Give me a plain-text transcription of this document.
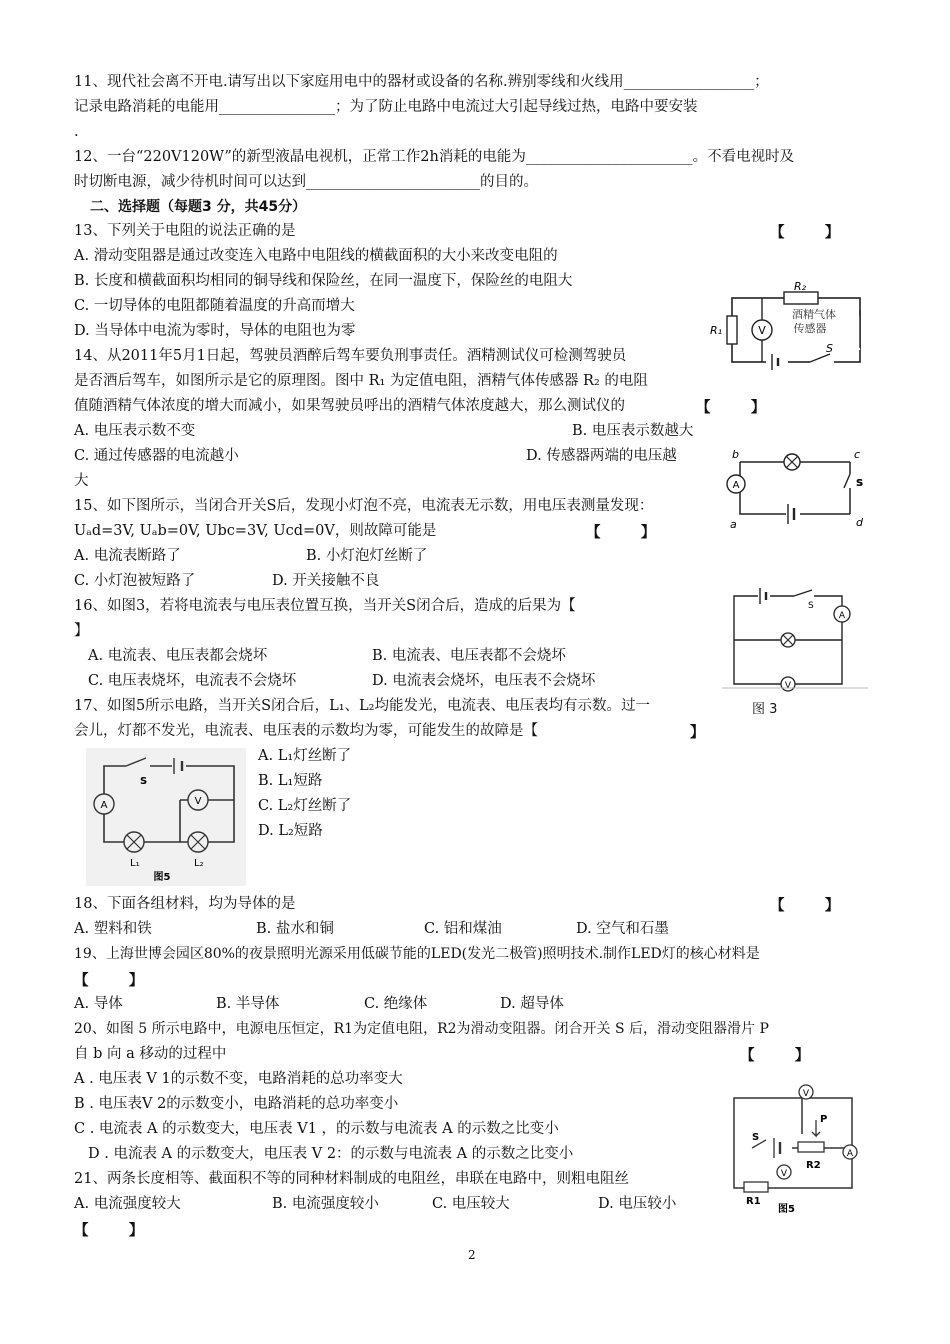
11、现代社会离不开电.请写出以下家庭用电中的器材或设备的名称.辨别零线和火线用__________________；
记录电路消耗的电能用________________；为了防止电路中电流过大引起导线过热，电路中要安装
.
12、一台“220V120W”的新型液晶电视机，正常工作2h消耗的电能为_______________________。不看电视时及
时切断电源，减少待机时间可以达到________________________的目的。
二、选择题（每题3 分，共45分）
13、下列关于电阻的说法正确的是	【        】
A. 滑动变阻器是通过改变连入电路中电阻线的横截面积的大小来改变电阻的
B. 长度和横截面积均相同的铜导线和保险丝，在同一温度下，保险丝的电阻大
C. 一切导体的电阻都随着温度的升高而增大
D. 当导体中电流为零时，导体的电阻也为零
R₂
R₁	V
酒精气体
传感器
S
14、从2011年5月1日起，驾驶员酒醉后驾车要负刑事责任。酒精测试仪可检测驾驶员
是否酒后驾车，如图所示是它的原理图。图中 R₁ 为定值电阻，酒精气体传感器 R₂ 的电阻
值随酒精气体浓度的增大而减小，如果驾驶员呼出的酒精气体浓度越大，那么测试仪的	【        】
A. 电压表示数不变	B. 电压表示数越大
C. 通过传感器的电流越小	D. 传感器两端的电压越
大	A
b	c
a	d
s
15、如下图所示，当闭合开关S后，发现小灯泡不亮，电流表无示数，用电压表测量发现：
Uₐd=3V, Uₐb=0V, Ubc=3V, Ucd=0V，则故障可能是	【        】
A. 电流表断路了	B. 小灯泡灯丝断了
C. 小灯泡被短路了	D. 开关接触不良
S
A
V
图 3
16、如图3，若将电流表与电压表位置互换，当开关S闭合后，造成的后果为【
】
A. 电流表、电压表都会烧坏	B. 电流表、电压表都不会烧坏
C. 电压表烧坏，电流表不会烧坏	D. 电流表会烧坏，电压表不会烧坏
17、如图5所示电路，当开关S闭合后，L₁、L₂均能发光，电流表、电压表均有示数。过一
会儿，灯都不发光，电流表、电压表的示数均为零，可能发生的故障是【	】
S
A	V
L₁	L₂
图5
A. L₁灯丝断了
B. L₁短路
C. L₂灯丝断了
D. L₂短路
18、下面各组材料，均为导体的是	【        】
A. 塑料和铁	B. 盐水和铜	C. 铝和煤油	D. 空气和石墨
19、上海世博会园区80%的夜景照明光源采用低碳节能的LED(发光二极管)照明技术.制作LED灯的核心材料是
【        】
A. 导体	B. 半导体	C. 绝缘体	D. 超导体
20、如图 5 所示电路中，电源电压恒定，R1为定值电阻，R2为滑动变阻器。闭合开关 S 后，滑动变阻器滑片 P
自 b 向 a 移动的过程中	【        】
A . 电压表 V 1的示数不变，电路消耗的总功率变大
B . 电压表V 2的示数变小，电路消耗的总功率变小
C . 电流表 A 的示数变大，电压表 V1 ，的示数与电流表 A 的示数之比变小
D . 电流表 A 的示数变大，电压表 V 2：的示数与电流表 A 的示数之比变小
V
S
P
R2
V
A
R1
图5
21、两条长度相等、截面积不等的同种材料制成的电阻丝，串联在电路中，则粗电阻丝
A. 电流强度较大	B. 电流强度较小	C. 电压较大	D. 电压较小
【        】
2
